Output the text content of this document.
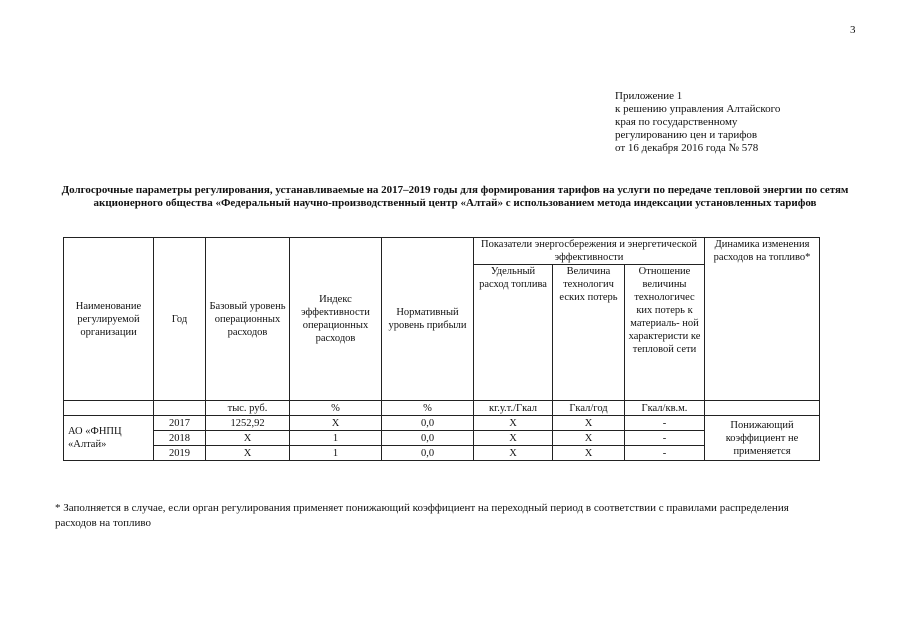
3
Приложение 1
к решению управления Алтайского
края по государственному
регулированию цен и тарифов
от 16 декабря 2016 года № 578
Долгосрочные параметры регулирования, устанавливаемые на 2017–2019 годы для формирования тарифов на услуги по передаче тепловой энергии по сетям акционерного общества «Федеральный научно-производственный центр «Алтай» с использованием метода индексации установленных тарифов
Наименование регулируемой организации	Год	Базовый уровень операционных расходов	Индекс эффективности операционных расходов	Нормативный уровень прибыли	Показатели энергосбережения и энергетической эффективности			Динамика изменения расходов на топливо*
					Удельный расход топлива	Величина технологич еских потерь	Отношение величины технологичес ких потерь к материаль- ной характеристи ке тепловой сети	
		тыс. руб.	%	%	кг.у.т./Гкал	Гкал/год	Гкал/кв.м.	
АО «ФНПЦ «Алтай»	2017	1252,92	X	0,0	X	X	-	Понижающий коэффициент не применяется
	2018	X	1	0,0	X	X	-	
	2019	X	1	0,0	X	X	-	
* Заполняется в случае, если орган регулирования применяет понижающий коэффициент на переходный период в соответствии с правилами распределения расходов на топливо
